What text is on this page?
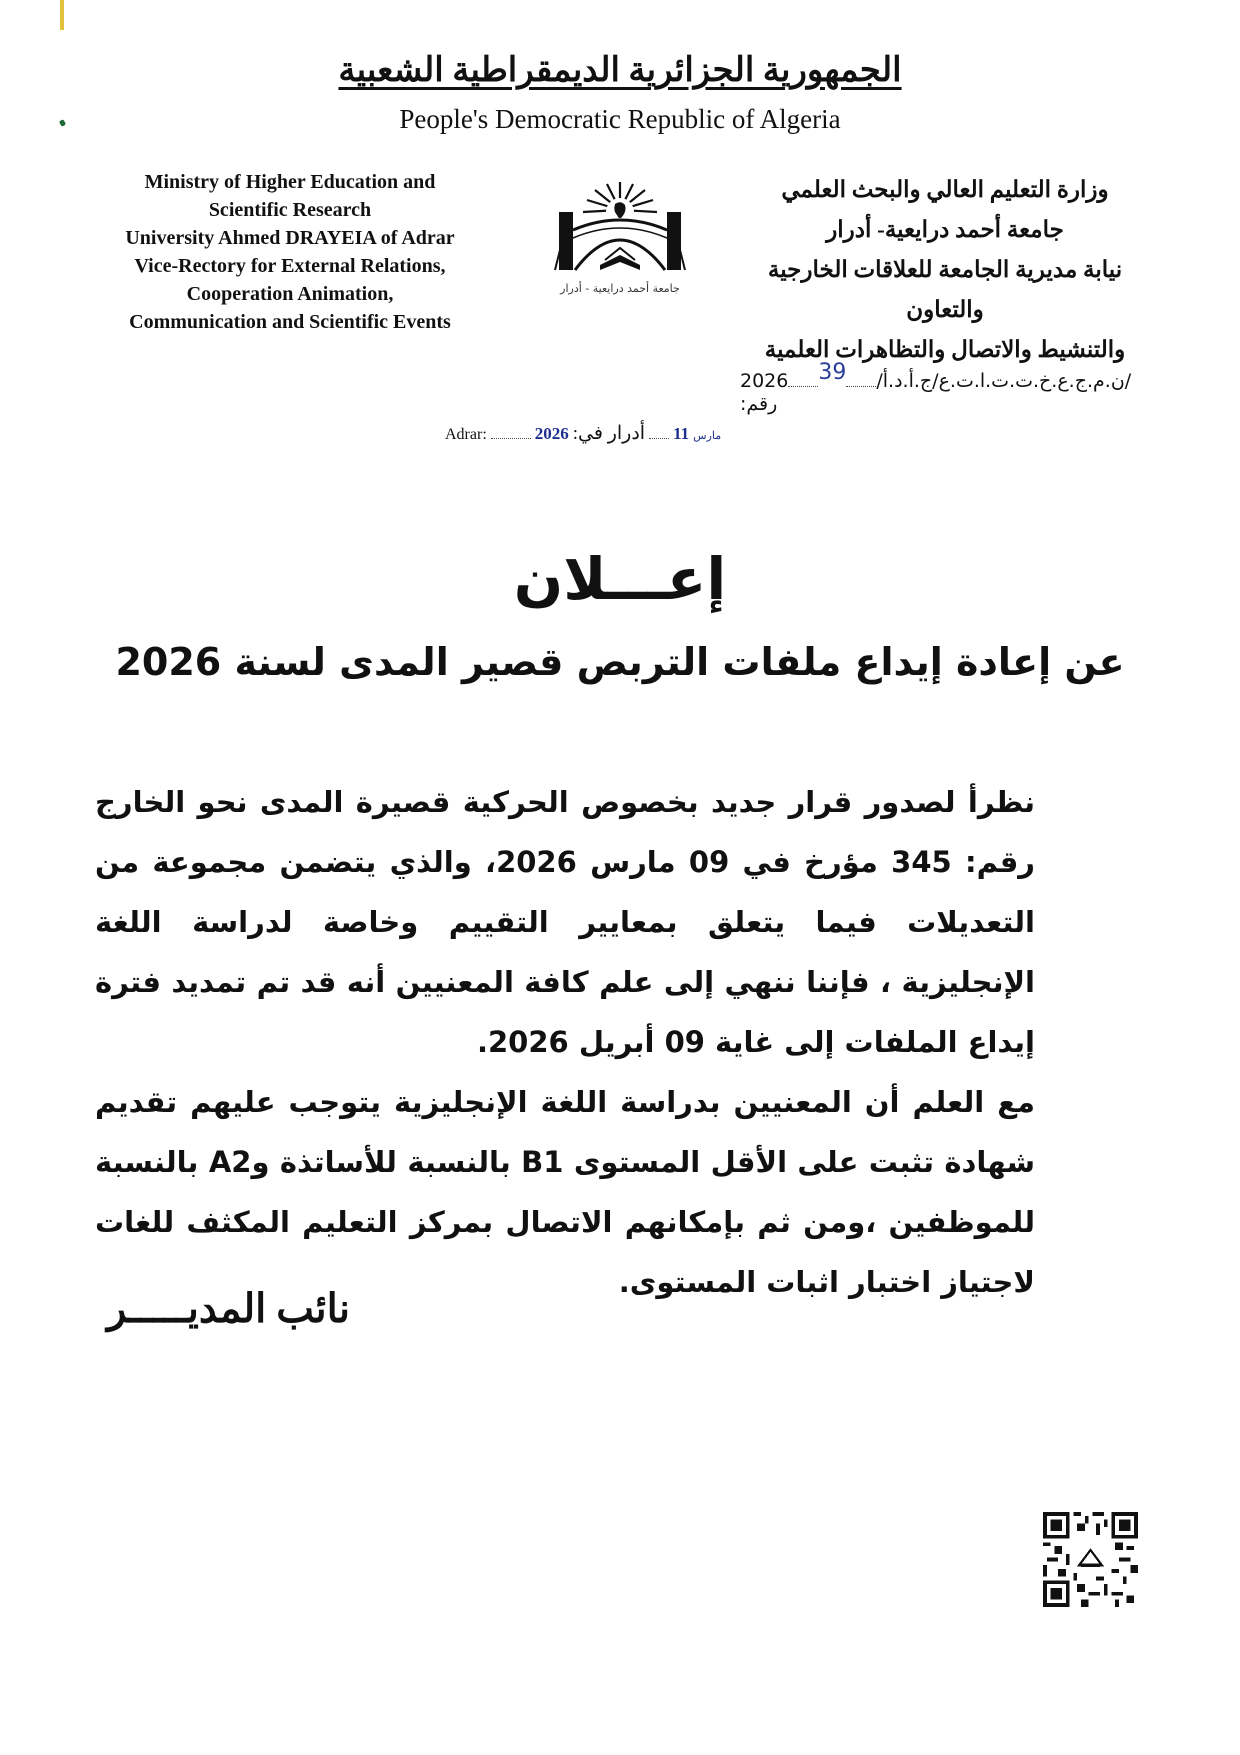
الجمهورية الجزائرية الديمقراطية الشعبية
People's Democratic Republic of Algeria
Ministry of Higher Education and
Scientific Research
University Ahmed DRAYEIA of Adrar
Vice-Rectory for External Relations,
Cooperation Animation,
Communication and Scientific Events
جامعة أحمد درايعية - أدرار
وزارة التعليم العالي والبحث العلمي
جامعة أحمد درايعية- أدرار
نيابة مديرية الجامعة للعلاقات الخارجية والتعاون
والتنشيط والاتصال والتظاهرات العلمية
2026	/ن.م.ج.ع.خ.ت.ت.ا.ت.ع/ج.أ.د.أ/39رقم:
Adrar:	2026	مارس 11  أدرار في:
إعـــلان
عن إعادة إيداع ملفات التربص قصير المدى لسنة 2026

نظرأ لصدور قرار جديد بخصوص الحركية قصيرة المدى نحو الخارج رقم: 345 مؤرخ في 09 مارس 2026، والذي يتضمن مجموعة من التعديلات فيما يتعلق بمعايير التقييم وخاصة لدراسة اللغة الإنجليزية ، فإننا ننهي إلى علم كافة المعنيين أنه قد تم تمديد فترة إيداع الملفات إلى غاية 09 أبريل 2026.

مع العلم أن المعنيين بدراسة اللغة الإنجليزية يتوجب عليهم تقديم شهادة تثبت على الأقل المستوى B1 بالنسبة للأساتذة وA2 بالنسبة للموظفين ،ومن ثم بإمكانهم الاتصال بمركز التعليم المكثف للغات لاجتياز اختبار اثبات المستوى.

نائب المديـــــر
